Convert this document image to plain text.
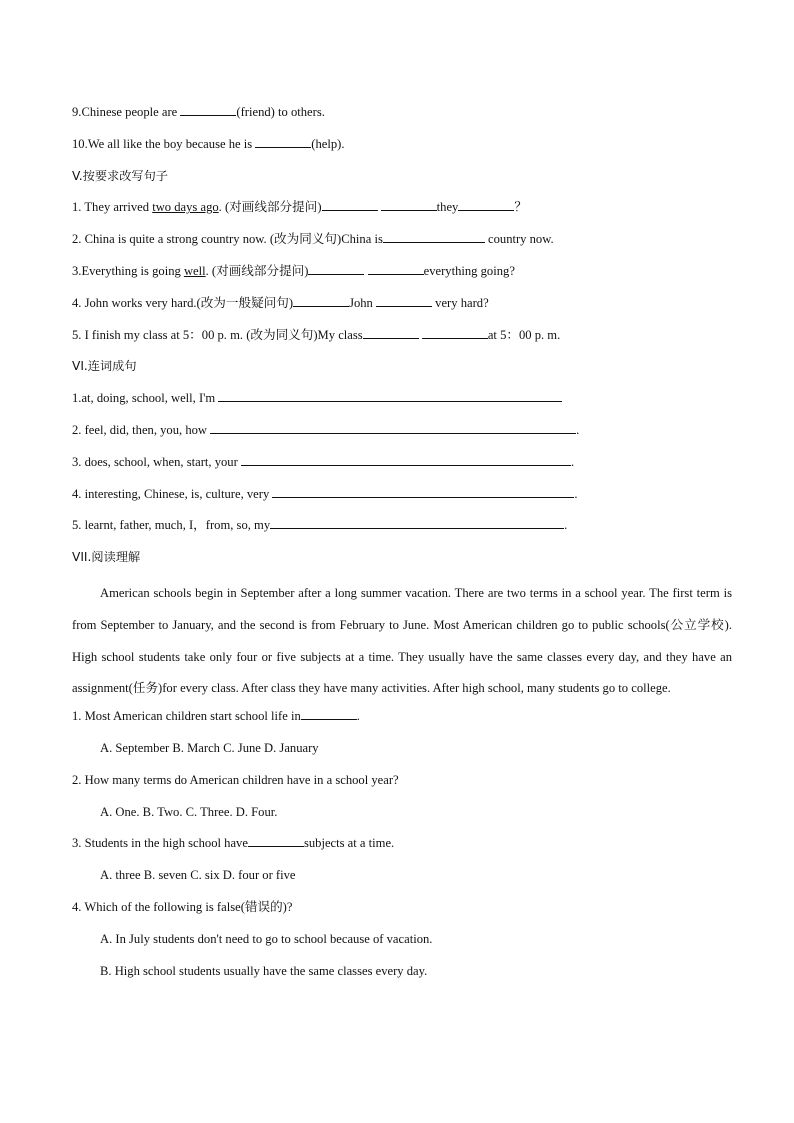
9.Chinese people are	(friend) to others.
10.We all like the boy because he is	(help).
V.按要求改写句子
1. They arrived two days ago. (对画线部分提问)	they	？
2. China is quite a strong country now. (改为同义句)China is	country now.
3.Everything is going well. (对画线部分提问)	everything going?
4. John works very hard.(改为一般疑问句)	John	very hard?
5. I finish my class at 5：00 p. m. (改为同义句)My class	at 5：00 p. m.
VI.连词成句
1.at, doing, school, well, I'm
2. feel, did, then, you, how	.
3. does, school, when, start, your	.
4. interesting, Chinese, is, culture, very	.
5. learnt, father, much, I，from, so, my	.
VII.阅读理解

American schools begin in September after a long summer vacation. There are two terms in a school year. The first term is from September to January, and the second is from February to June. Most American children go to public schools(公立学校). High school students take only four or five subjects at a time. They usually have the same classes every day, and they have an assignment(任务)for every class. After class they have many activities. After high school, many students go to college.

1. Most American children start school life in	.
A. September B. March C. June D. January
2. How many terms do American children have in a school year?
A. One. B. Two. C. Three. D. Four.
3. Students in the high school have	subjects at a time.
A. three B. seven C. six D. four or five
4. Which of the following is false(错误的)?
A. In July students don't need to go to school because of vacation.
B. High school students usually have the same classes every day.
